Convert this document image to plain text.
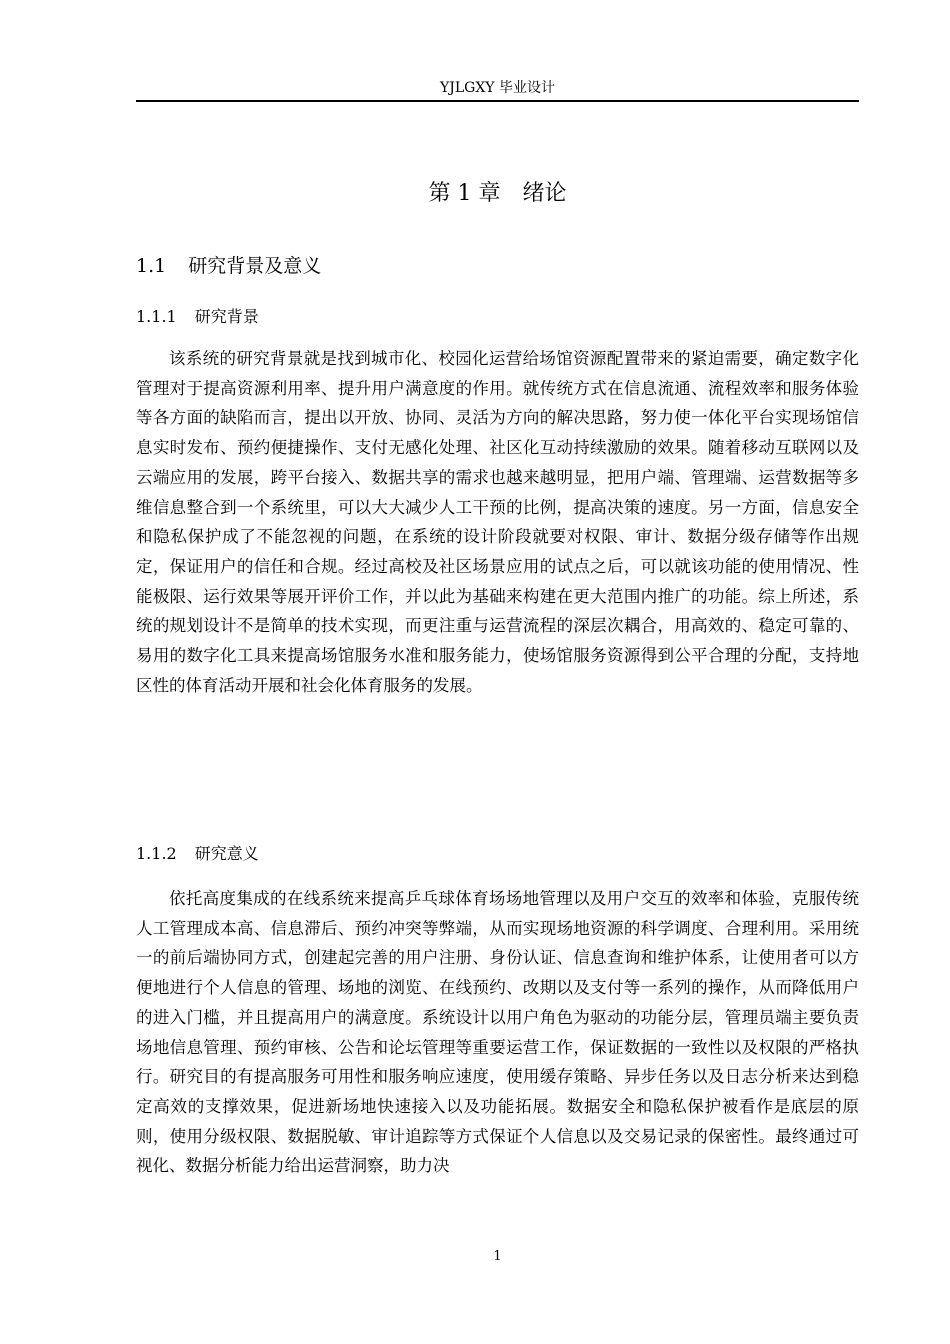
YJLGXY 毕业设计
第 1 章 绪论
1.1 研究背景及意义
1.1.1 研究背景

该系统的研究背景就是找到城市化、校园化运营给场馆资源配置带来的紧迫需要，确定数字化管理对于提高资源利用率、提升用户满意度的作用。就传统方式在信息流通、流程效率和服务体验等各方面的缺陷而言，提出以开放、协同、灵活为方向的解决思路，努力使一体化平台实现场馆信息实时发布、预约便捷操作、支付无感化处理、社区化互动持续激励的效果。随着移动互联网以及云端应用的发展，跨平台接入、数据共享的需求也越来越明显，把用户端、管理端、运营数据等多维信息整合到一个系统里，可以大大减少人工干预的比例，提高决策的速度。另一方面，信息安全和隐私保护成了不能忽视的问题，在系统的设计阶段就要对权限、审计、数据分级存储等作出规定，保证用户的信任和合规。经过高校及社区场景应用的试点之后，可以就该功能的使用情况、性能极限、运行效果等展开评价工作，并以此为基础来构建在更大范围内推广的功能。综上所述，系统的规划设计不是简单的技术实现，而更注重与运营流程的深层次耦合，用高效的、稳定可靠的、易用的数字化工具来提高场馆服务水准和服务能力，使场馆服务资源得到公平合理的分配，支持地区性的体育活动开展和社会化体育服务的发展。

1.1.2 研究意义

依托高度集成的在线系统来提高乒乓球体育场场地管理以及用户交互的效率和体验，克服传统人工管理成本高、信息滞后、预约冲突等弊端，从而实现场地资源的科学调度、合理利用。采用统一的前后端协同方式，创建起完善的用户注册、身份认证、信息查询和维护体系，让使用者可以方便地进行个人信息的管理、场地的浏览、在线预约、改期以及支付等一系列的操作，从而降低用户的进入门槛，并且提高用户的满意度。系统设计以用户角色为驱动的功能分层，管理员端主要负责场地信息管理、预约审核、公告和论坛管理等重要运营工作，保证数据的一致性以及权限的严格执行。研究目的有提高服务可用性和服务响应速度，使用缓存策略、异步任务以及日志分析来达到稳定高效的支撑效果，促进新场地快速接入以及功能拓展。数据安全和隐私保护被看作是底层的原则，使用分级权限、数据脱敏、审计追踪等方式保证个人信息以及交易记录的保密性。最终通过可视化、数据分析能力给出运营洞察，助力决

1
